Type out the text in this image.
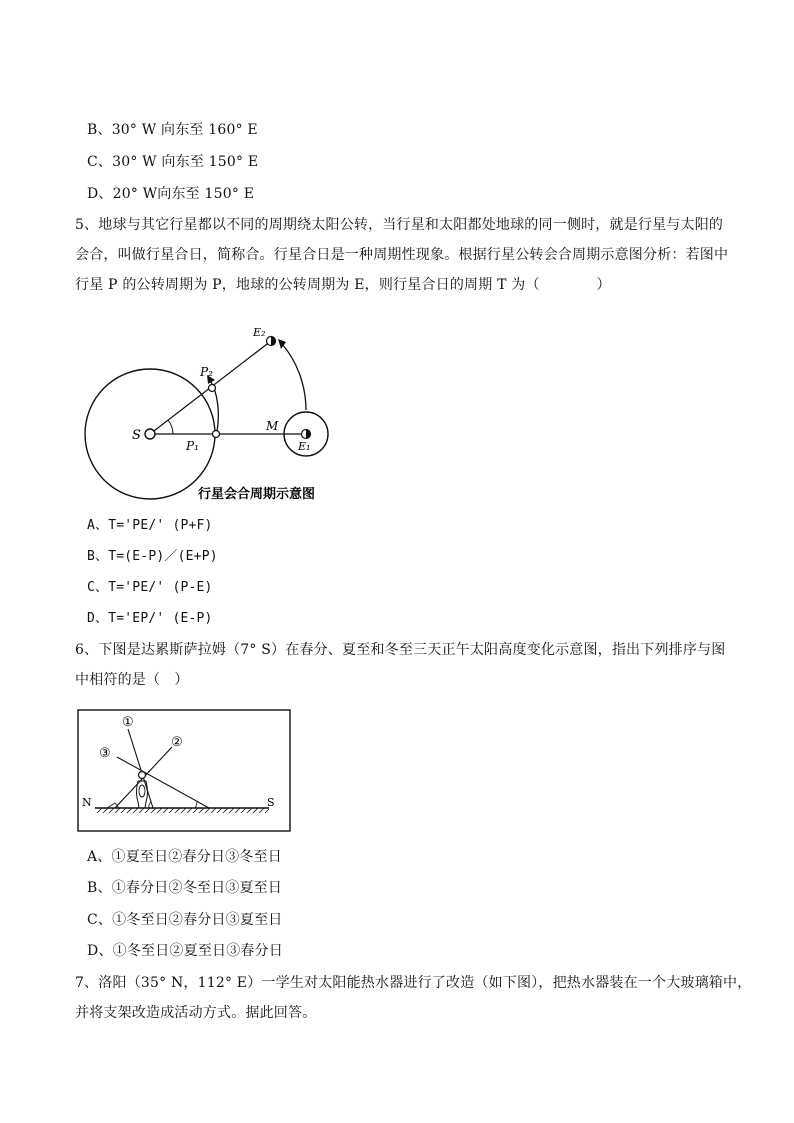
B、30° W 向东至 160° E
C、30° W 向东至 150° E
D、20° W向东至 150° E
5、地球与其它行星都以不同的周期绕太阳公转，当行星和太阳都处地球的同一侧时，就是行星与太阳的
会合，叫做行星合日，简称合。行星合日是一种周期性现象。根据行星公转会合周期示意图分析：若图中
行星 P 的公转周期为 P，地球的公转周期为 E，则行星合日的周期 T 为（　　　　）
S
P₁
P₂
M
E₁
E₂
行星会合周期示意图
A、T='PE/' (P+F)
B、T=(E-P)／(E+P)
C、T='PE/' (P-E)
D、T='EP/' (E-P)
6、下图是达累斯萨拉姆（7° S）在春分、夏至和冬至三天正午太阳高度变化示意图，指出下列排序与图
中相符的是（　）
①
②
③
N	S
A、①夏至日②春分日③冬至日
B、①春分日②冬至日③夏至日
C、①冬至日②春分日③夏至日
D、①冬至日②夏至日③春分日
7、洛阳（35° N，112° E）一学生对太阳能热水器进行了改造（如下图），把热水器装在一个大玻璃箱中，
并将支架改造成活动方式。据此回答。
